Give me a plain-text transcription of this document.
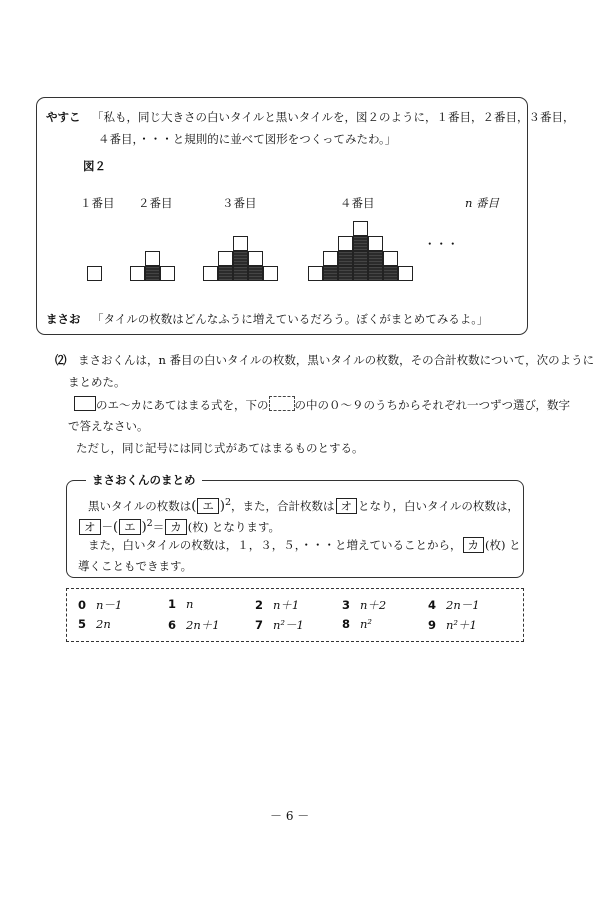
やすこ 「私も，同じ大きさの白いタイルと黒いタイルを，図２のように，１番目，２番目，３番目，
４番目，・・・と規則的に並べて図形をつくってみたわ。」
図２
１番目 ２番目	３番目	４番目	n 番目
・・・
まさお 「タイルの枚数はどんなふうに増えているだろう。ぼくがまとめてみるよ。」
⑵ まさおくんは，n 番目の白いタイルの枚数，黒いタイルの枚数，その合計枚数について，次のように
まとめた。
のエ～カにあてはまる式を，下の の中の０～９のうちからそれぞれ一つずつ選び，数字
で答えなさい。
ただし，同じ記号には同じ式があてはまるものとする。
まさおくんのまとめ
黒いタイルの枚数は( エ )$^2$，また，合計枚数は オ となり，白いタイルの枚数は，
オ －( エ )$^2$＝ カ (枚) となります。
また，白いタイルの枚数は，１，３，５，・・・と増えていることから， カ (枚) と
導くこともできます。
0 n－1	1 n	2 n＋1	3 n＋2	4 2n－1
5 2n	6 2n＋1	7 n²－1	8 n²	9 n²＋1
－ 6 －
